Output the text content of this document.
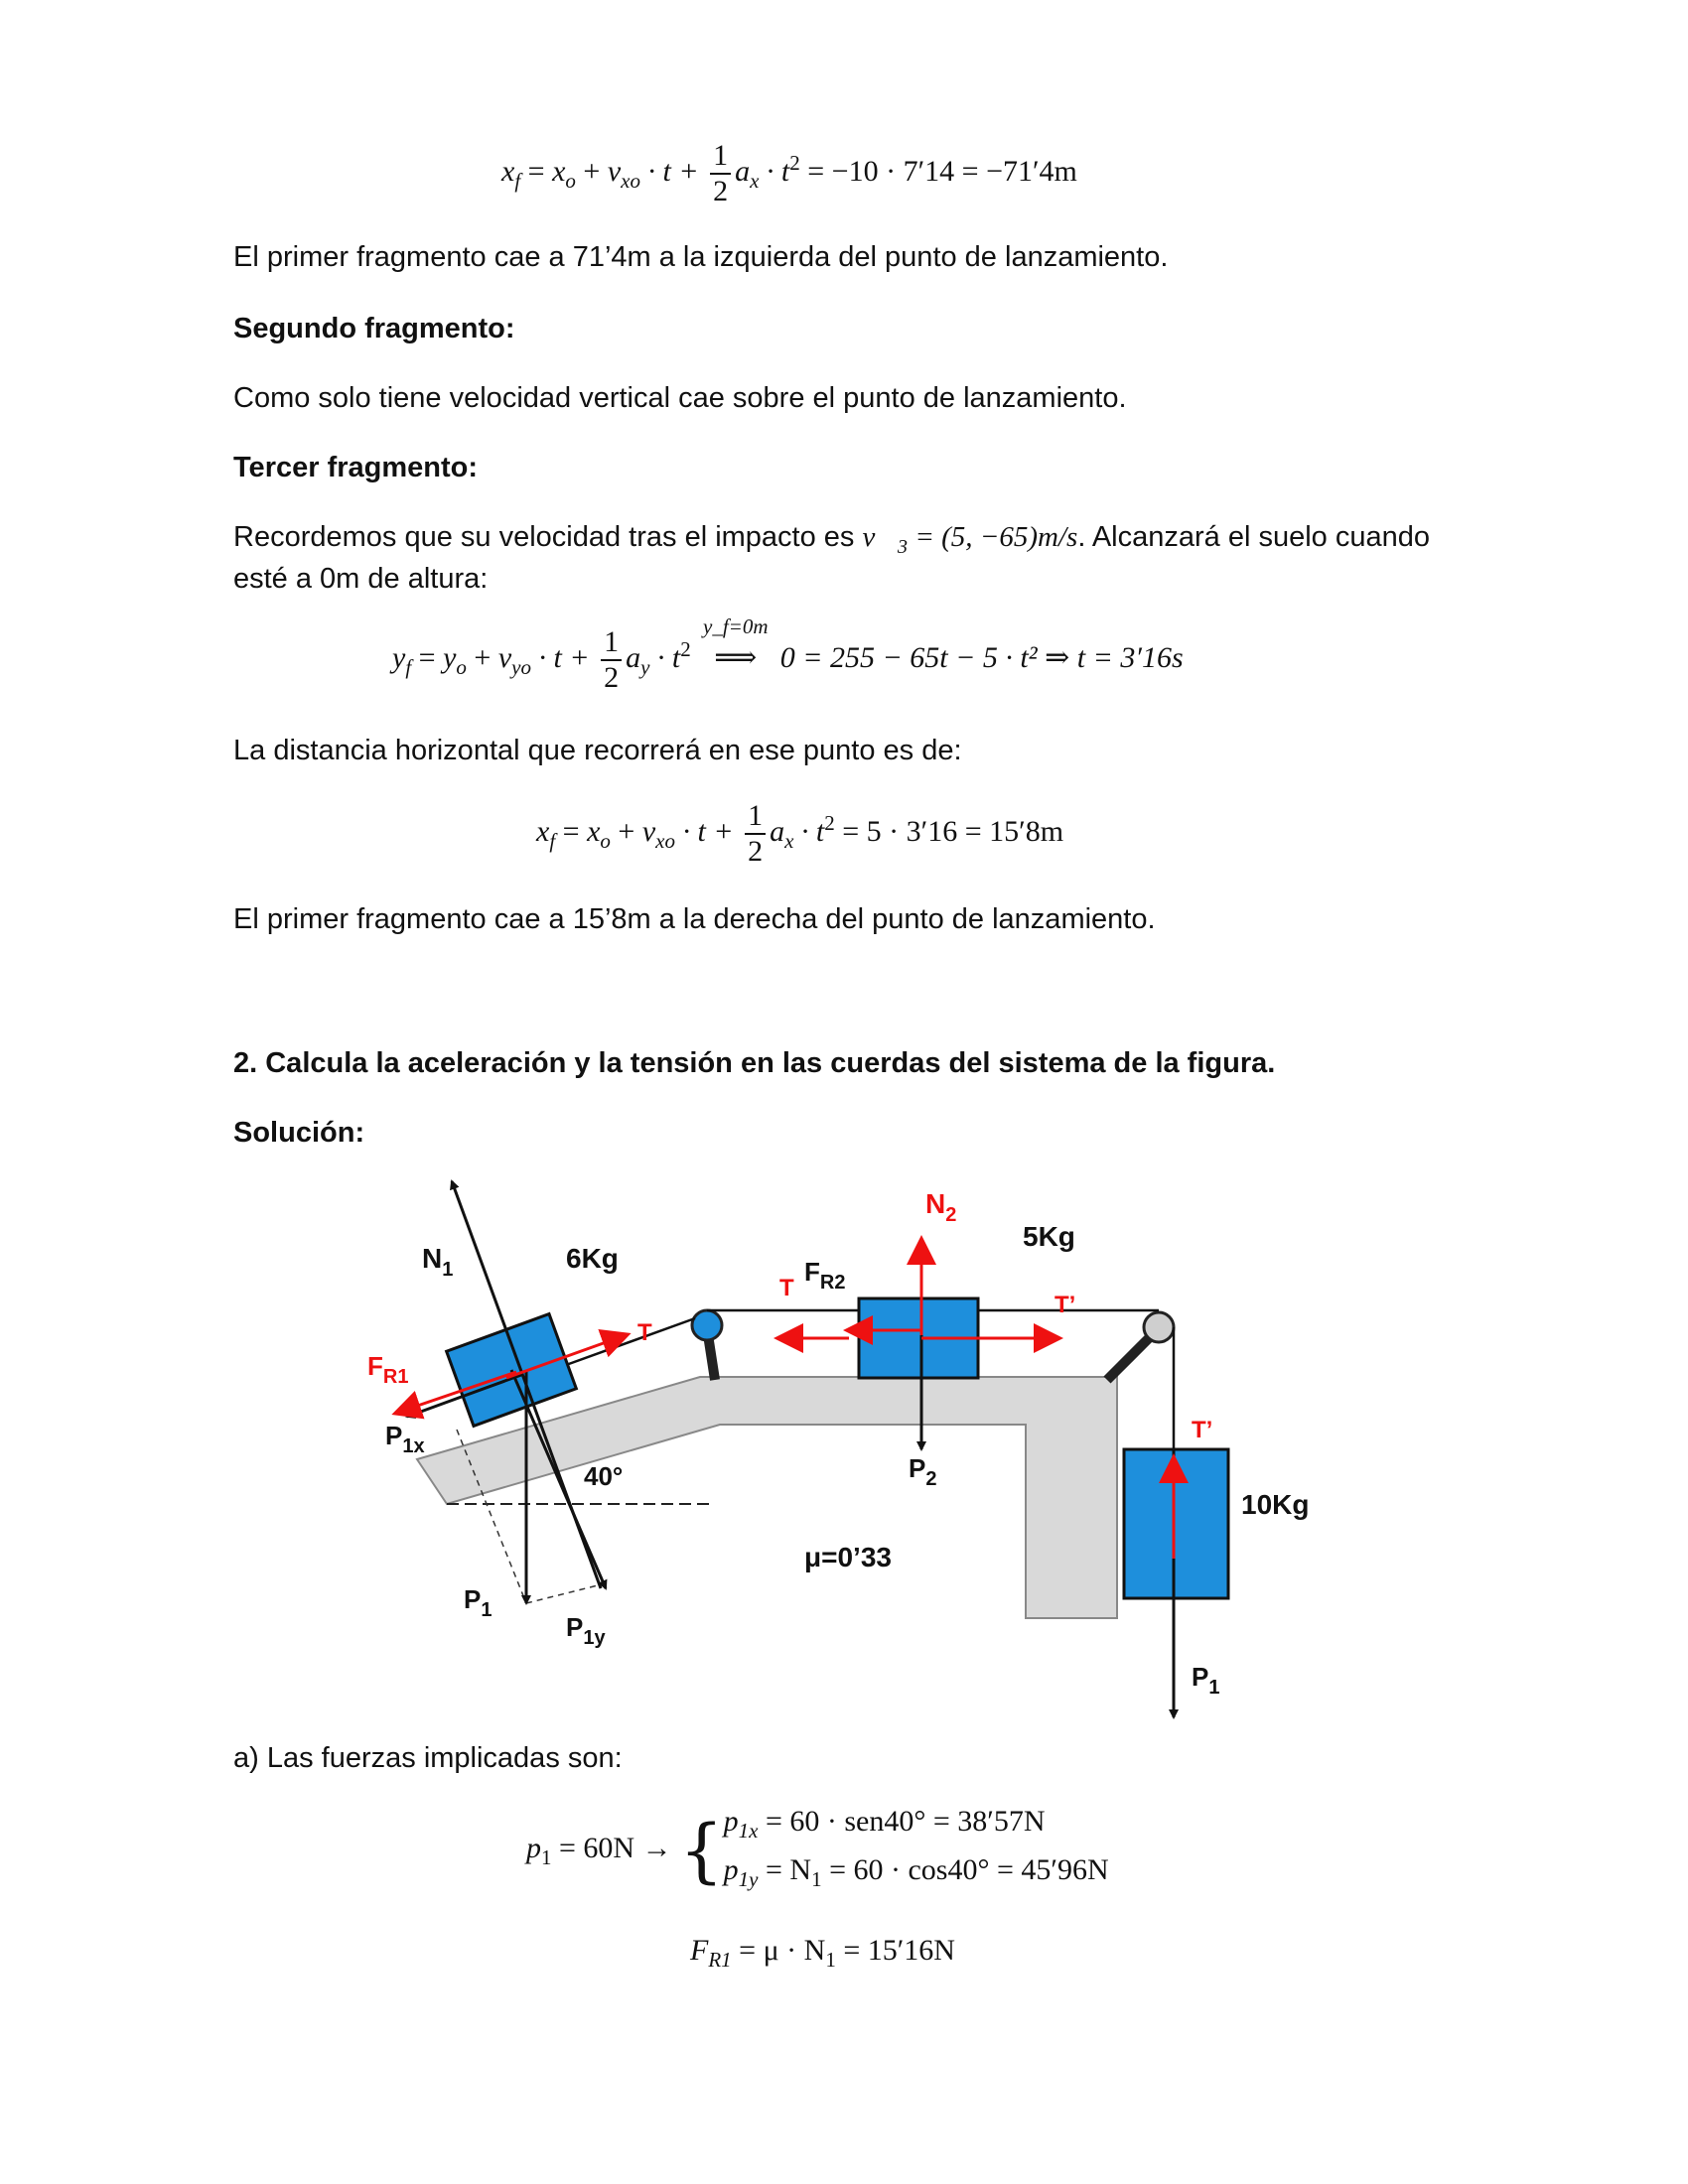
$x_f = x_o + v_{xo} \cdot t + \frac{1}{2} a_x \cdot t^2 = -10 \cdot 7'14 = -71'4m$

El primer fragmento cae a 71’4m a la izquierda del punto de lanzamiento.

Segundo fragmento:

Como solo tiene velocidad vertical cae sobre el punto de lanzamiento.

Tercer fragmento:

Recordemos que su velocidad tras el impacto es $v⃗_3 = (5$, −65)m/s. Alcanzará el suelo cuando

esté a 0m de altura:

$y_f = y_o + v_{yo} \cdot t + \frac{1}{2} a_y \cdot t^2$
y_f=0m
⟹ 0 = 255 − 65t − 5 · t² ⇒ t = 3′16s

La distancia horizontal que recorrerá en ese punto es de:

$x_f = x_o + v_{xo} \cdot t + \frac{1}{2} a_x \cdot t^2 = 5 \cdot 3'16 = 15'8m$

El primer fragmento cae a 15’8m a la derecha del punto de lanzamiento.

2. Calcula la aceleración y la tensión en las cuerdas del sistema de la figura.

Solución:

$N_1$	6Kg
T
$F_{R1}$
$P_{1x}$
40°
$P_1$
$P_{1y}$
$N_2$
5Kg
T
$F_{R2}$
T’
$P_2$
μ=0’33
T’
10Kg
$P_1$

a) Las fuerzas implicadas son:

$p_1 = 60N$ → { $p_{1x} = 60 \cdot sen40^\circ = 38'57N$
$p_{1y} = N_1 = 60 \cdot \cos 40^\circ = 45'96N$
$F_{R1} = \mu \cdot N_1 = 15'16N$
